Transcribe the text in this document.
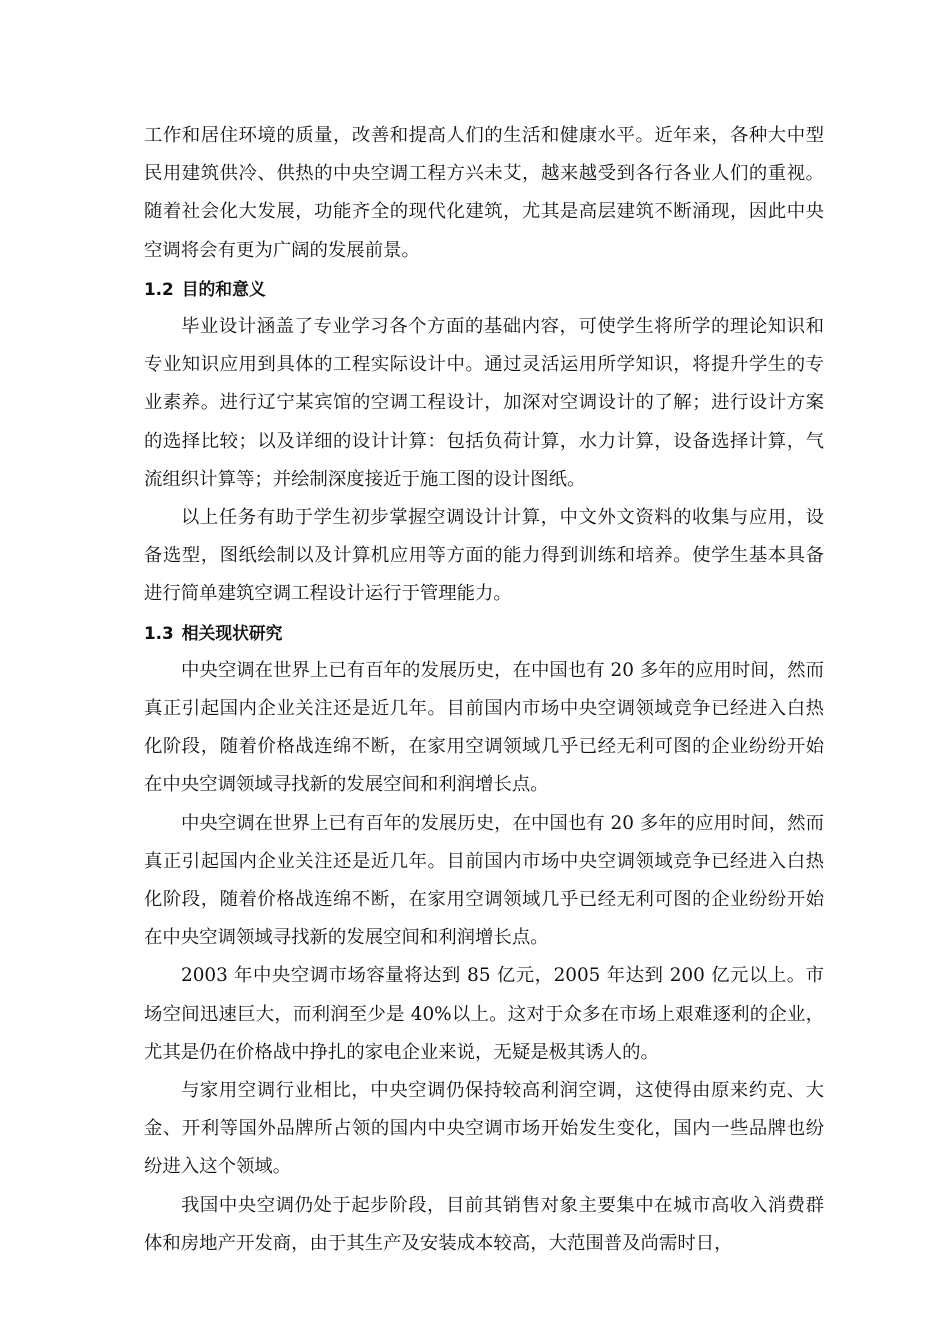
工作和居住环境的质量，改善和提高人们的生活和健康水平。近年来，各种大中型民用建筑供冷、供热的中央空调工程方兴未艾，越来越受到各行各业人们的重视。随着社会化大发展，功能齐全的现代化建筑，尤其是高层建筑不断涌现，因此中央空调将会有更为广阔的发展前景。

1.2 目的和意义

毕业设计涵盖了专业学习各个方面的基础内容，可使学生将所学的理论知识和专业知识应用到具体的工程实际设计中。通过灵活运用所学知识，将提升学生的专业素养。进行辽宁某宾馆的空调工程设计，加深对空调设计的了解；进行设计方案的选择比较；以及详细的设计计算：包括负荷计算，水力计算，设备选择计算，气流组织计算等；并绘制深度接近于施工图的设计图纸。

以上任务有助于学生初步掌握空调设计计算，中文外文资料的收集与应用，设备选型，图纸绘制以及计算机应用等方面的能力得到训练和培养。使学生基本具备进行简单建筑空调工程设计运行于管理能力。

1.3 相关现状研究

中央空调在世界上已有百年的发展历史，在中国也有 20 多年的应用时间，然而真正引起国内企业关注还是近几年。目前国内市场中央空调领域竞争已经进入白热化阶段，随着价格战连绵不断，在家用空调领域几乎已经无利可图的企业纷纷开始在中央空调领域寻找新的发展空间和利润增长点。

中央空调在世界上已有百年的发展历史，在中国也有 20 多年的应用时间，然而真正引起国内企业关注还是近几年。目前国内市场中央空调领域竞争已经进入白热化阶段，随着价格战连绵不断，在家用空调领域几乎已经无利可图的企业纷纷开始在中央空调领域寻找新的发展空间和利润增长点。

2003 年中央空调市场容量将达到 85 亿元，2005 年达到 200 亿元以上。市场空间迅速巨大，而利润至少是 40%以上。这对于众多在市场上艰难逐利的企业，尤其是仍在价格战中挣扎的家电企业来说，无疑是极其诱人的。

与家用空调行业相比，中央空调仍保持较高利润空调，这使得由原来约克、大金、开利等国外品牌所占领的国内中央空调市场开始发生变化，国内一些品牌也纷纷进入这个领域。

我国中央空调仍处于起步阶段，目前其销售对象主要集中在城市高收入消费群体和房地产开发商，由于其生产及安装成本较高，大范围普及尚需时日，
